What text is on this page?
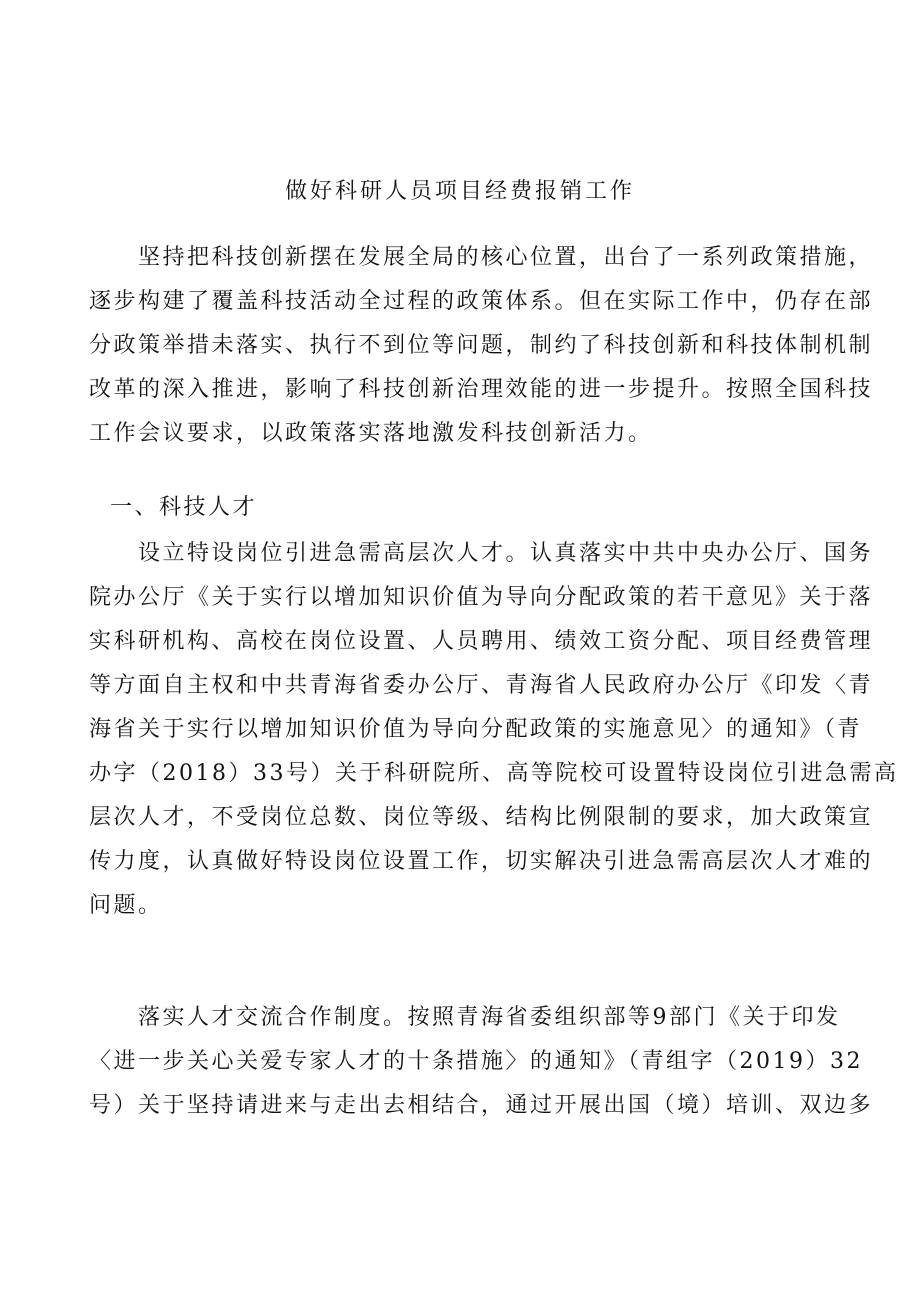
做好科研人员项目经费报销工作

　　坚持把科技创新摆在发展全局的核心位置，出台了一系列政策措施，
逐步构建了覆盖科技活动全过程的政策体系。但在实际工作中，仍存在部
分政策举措未落实、执行不到位等问题，制约了科技创新和科技体制机制
改革的深入推进，影响了科技创新治理效能的进一步提升。按照全国科技
工作会议要求，以政策落实落地激发科技创新活力。

一、科技人才

　　设立特设岗位引进急需高层次人才。认真落实中共中央办公厅、国务
院办公厅《关于实行以增加知识价值为导向分配政策的若干意见》关于落
实科研机构、高校在岗位设置、人员聘用、绩效工资分配、项目经费管理
等方面自主权和中共青海省委办公厅、青海省人民政府办公厅《印发〈青
海省关于实行以增加知识价值为导向分配政策的实施意见〉的通知》（青
办字（2018）33号）关于科研院所、高等院校可设置特设岗位引进急需高
层次人才，不受岗位总数、岗位等级、结构比例限制的要求，加大政策宣
传力度，认真做好特设岗位设置工作，切实解决引进急需高层次人才难的
问题。

　　落实人才交流合作制度。按照青海省委组织部等9部门《关于印发
〈进一步关心关爱专家人才的十条措施〉的通知》（青组字（2019）32
号）关于坚持请进来与走出去相结合，通过开展出国（境）培训、双边多
